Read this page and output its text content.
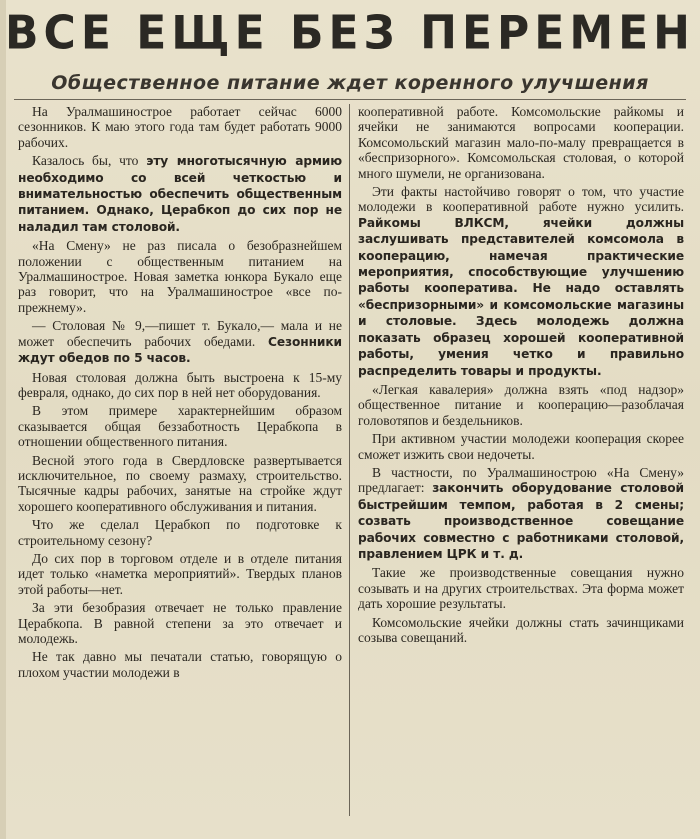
ВСЕ ЕЩЕ БЕЗ ПЕРЕМЕН
Общественное питание ждет коренного улучшения

На Уралмашинострое работает сейчас 6000 сезонников. К маю этого года там будет работать 9000 рабочих.

Казалось бы, что эту многотысячную армию необходимо со всей четкостью и внимательностью обеспечить общественным питанием. Однако, Церабкоп до сих пор не наладил там столовой.

«На Смену» не раз писала о безобразнейшем положении с общественным питанием на Уралмашинострое. Новая заметка юнкора Букало еще раз говорит, что на Уралмашинострое «все по-прежнему».

— Столовая № 9,—пишет т. Букало,— мала и не может обеспечить рабочих обедами. Сезонники ждут обедов по 5 часов.

Новая столовая должна быть выстроена к 15-му февраля, однако, до сих пор в ней нет оборудования.

В этом примере характернейшим образом сказывается общая беззаботность Церабкопа в отношении общественного питания.

Весной этого года в Свердловске развертывается исключительное, по своему размаху, строительство. Тысячные кадры рабочих, занятые на стройке ждут хорошего кооперативного обслуживания и питания.

Что же сделал Церабкоп по подготовке к строительному сезону?

До сих пор в торговом отделе и в отделе питания идет только «наметка мероприятий». Твердых планов этой работы—нет.

За эти безобразия отвечает не только правление Церабкопа. В равной степени за это отвечает и молодежь.

Не так давно мы печатали статью, говорящую о плохом участии молодежи в

кооперативной работе. Комсомольские райкомы и ячейки не занимаются вопросами кооперации. Комсомольский магазин мало-по-малу превращается в «беспризорного». Комсомольская столовая, о которой много шумели, не организована.

Эти факты настойчиво говорят о том, что участие молодежи в кооперативной работе нужно усилить. Райкомы ВЛКСМ, ячейки должны заслушивать представителей комсомола в кооперацию, намечая практические мероприятия, способствующие улучшению работы кооператива. Не надо оставлять «беспризорными» и комсомольские магазины и столовые. Здесь молодежь должна показать образец хорошей кооперативной работы, умения четко и правильно распределить товары и продукты.

«Легкая кавалерия» должна взять «под надзор» общественное питание и кооперацию—разоблачая головотяпов и бездельников.

При активном участии молодежи кооперация скорее сможет изжить свои недочеты.

В частности, по Уралмашинострою «На Смену» предлагает: закончить оборудование столовой быстрейшим темпом, работая в 2 смены; созвать производственное совещание рабочих совместно с работниками столовой, правлением ЦРК и т. д.

Такие же производственные совещания нужно созывать и на других строительствах. Эта форма может дать хорошие результаты.

Комсомольские ячейки должны стать зачинщиками созыва совещаний.
